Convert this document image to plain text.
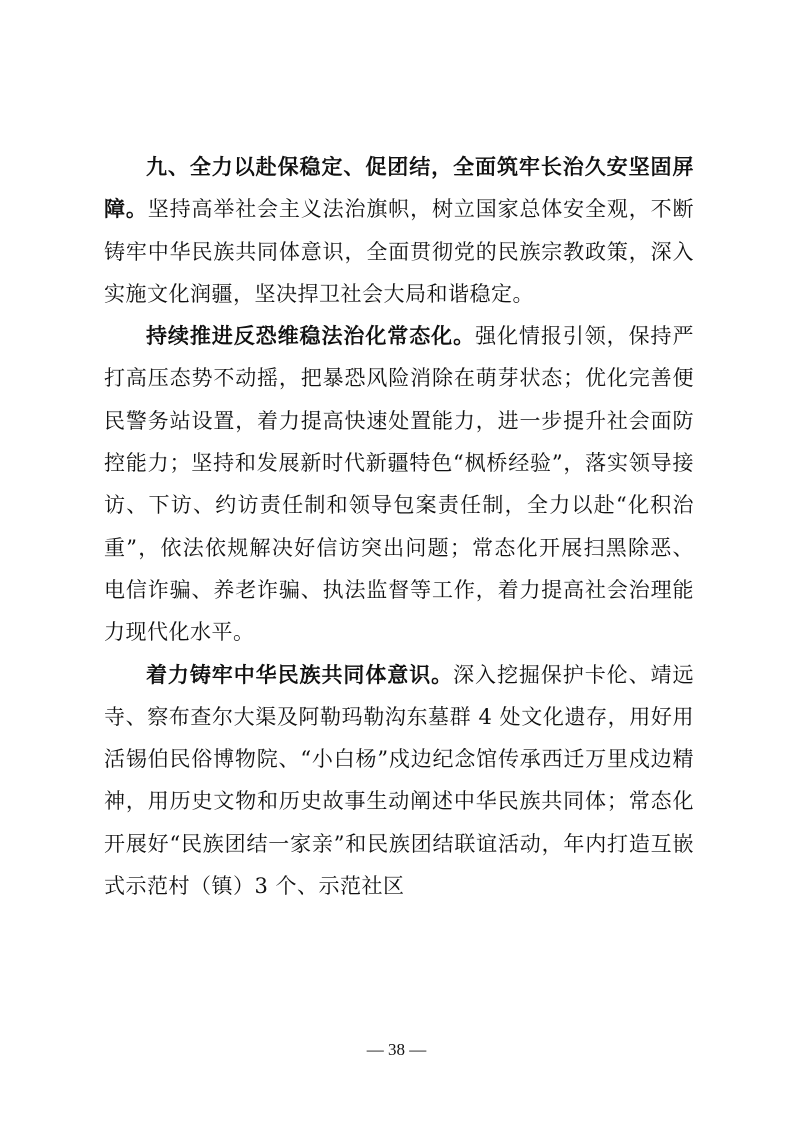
九、全力以赴保稳定、促团结，全面筑牢长治久安坚固屏障。坚持高举社会主义法治旗帜，树立国家总体安全观，不断铸牢中华民族共同体意识，全面贯彻党的民族宗教政策，深入实施文化润疆，坚决捍卫社会大局和谐稳定。

持续推进反恐维稳法治化常态化。强化情报引领，保持严打高压态势不动摇，把暴恐风险消除在萌芽状态；优化完善便民警务站设置，着力提高快速处置能力，进一步提升社会面防控能力；坚持和发展新时代新疆特色“枫桥经验”，落实领导接访、下访、约访责任制和领导包案责任制，全力以赴“化积治重”，依法依规解决好信访突出问题；常态化开展扫黑除恶、电信诈骗、养老诈骗、执法监督等工作，着力提高社会治理能力现代化水平。

着力铸牢中华民族共同体意识。深入挖掘保护卡伦、靖远寺、察布查尔大渠及阿勒玛勒沟东墓群 4 处文化遗存，用好用活锡伯民俗博物院、“小白杨”戍边纪念馆传承西迁万里戍边精神，用历史文物和历史故事生动阐述中华民族共同体；常态化开展好“民族团结一家亲”和民族团结联谊活动，年内打造互嵌式示范村（镇）3 个、示范社区

— 38 —
